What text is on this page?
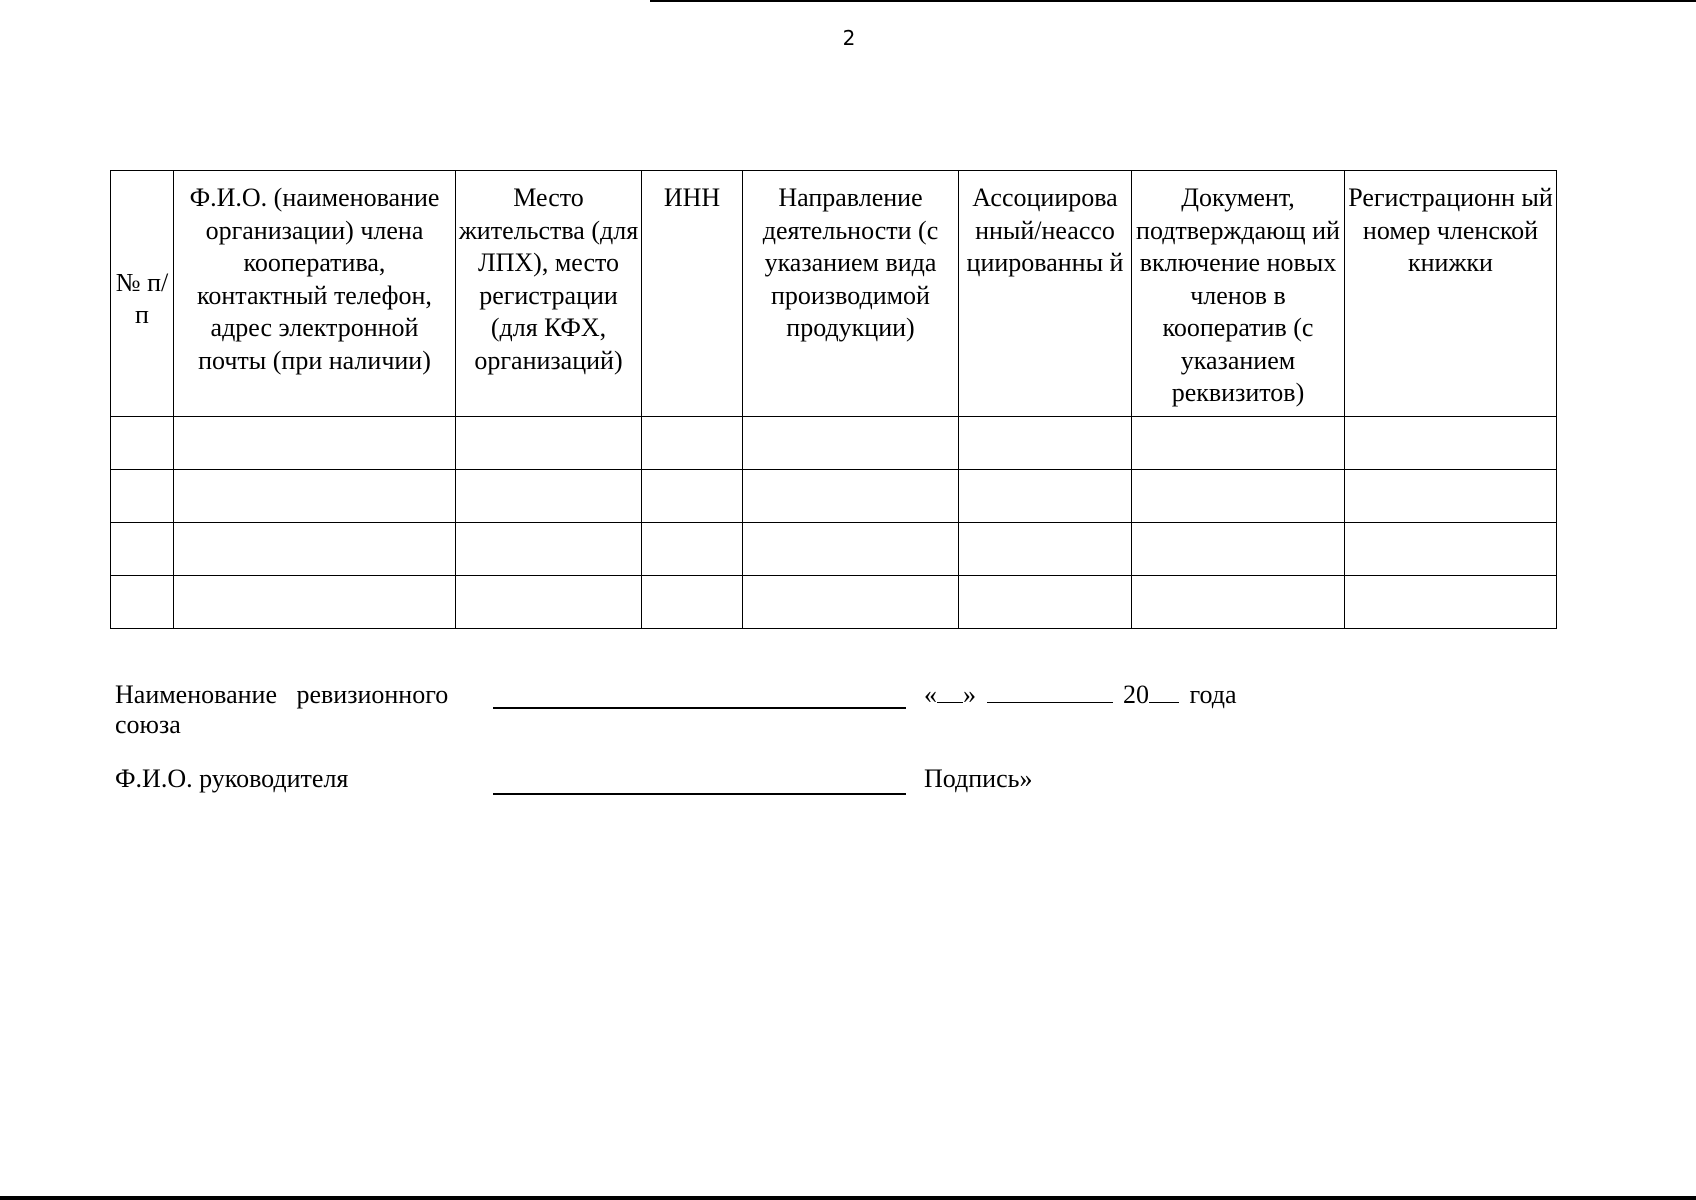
2
№ п/п	Ф.И.О. (наименование организации) члена кооператива, контактный телефон, адрес электронной почты (при наличии)	Место жительства (для ЛПХ), место регистрации (для КФХ, организаций)	ИНН	Направление деятельности (с указанием вида производимой продукции)	Ассоциирова нный/неассо циированны й	Документ, подтверждающ ий включение новых членов в кооператив (с указанием реквизитов)	Регистрационн ый номер членской книжки

Наименование   ревизионного
союза
« »	20 года
Ф.И.О. руководителя	Подпись»
